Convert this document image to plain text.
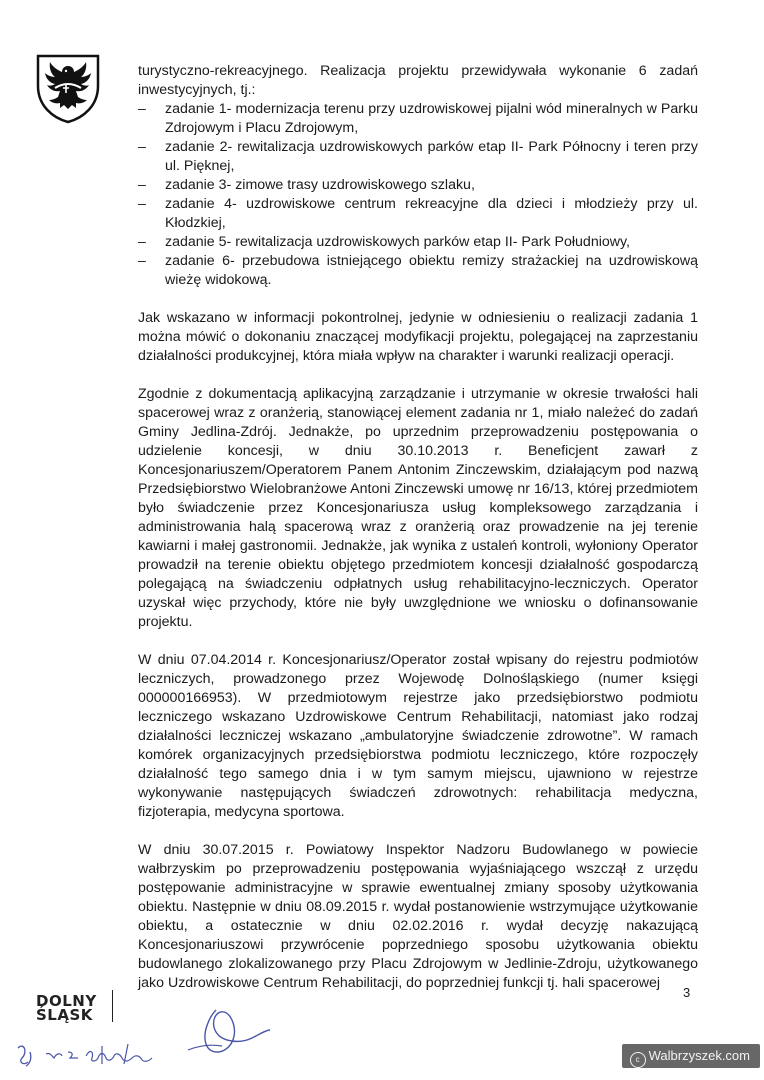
turystyczno-rekreacyjnego. Realizacja projektu przewidywała wykonanie 6 zadań inwestycyjnych, tj.:

– zadanie 1- modernizacja terenu przy uzdrowiskowej pijalni wód mineralnych w Parku Zdrojowym i Placu Zdrojowym,
– zadanie 2- rewitalizacja uzdrowiskowych parków etap II- Park Północny i teren przy ul. Pięknej,
– zadanie 3- zimowe trasy uzdrowiskowego szlaku,
– zadanie 4- uzdrowiskowe centrum rekreacyjne dla dzieci i młodzieży przy ul. Kłodzkiej,
– zadanie 5- rewitalizacja uzdrowiskowych parków etap II- Park Południowy,
– zadanie 6- przebudowa istniejącego obiektu remizy strażackiej na uzdrowiskową wieżę widokową.

Jak wskazano w informacji pokontrolnej, jedynie w odniesieniu o realizacji zadania 1 można mówić o dokonaniu znaczącej modyfikacji projektu, polegającej na zaprzestaniu działalności produkcyjnej, która miała wpływ na charakter i warunki realizacji operacji.

Zgodnie z dokumentacją aplikacyjną zarządzanie i utrzymanie w okresie trwałości hali spacerowej wraz z oranżerią, stanowiącej element zadania nr 1, miało należeć do zadań Gminy Jedlina-Zdrój. Jednakże, po uprzednim przeprowadzeniu postępowania o udzielenie koncesji, w dniu 30.10.2013 r. Beneficjent zawarł z Koncesjonariuszem/Operatorem Panem Antonim Zinczewskim, działającym pod nazwą Przedsiębiorstwo Wielobranżowe Antoni Zinczewski umowę nr 16/13, której przedmiotem było świadczenie przez Koncesjonariusza usług kompleksowego zarządzania i administrowania halą spacerową wraz z oranżerią oraz prowadzenie na jej terenie kawiarni i małej gastronomii. Jednakże, jak wynika z ustaleń kontroli, wyłoniony Operator prowadził na terenie obiektu objętego przedmiotem koncesji działalność gospodarczą polegającą na świadczeniu odpłatnych usług rehabilitacyjno-leczniczych. Operator uzyskał więc przychody, które nie były uwzględnione we wniosku o dofinansowanie projektu.

W dniu 07.04.2014 r. Koncesjonariusz/Operator został wpisany do rejestru podmiotów leczniczych, prowadzonego przez Wojewodę Dolnośląskiego (numer księgi 000000166953). W przedmiotowym rejestrze jako przedsiębiorstwo podmiotu leczniczego wskazano Uzdrowiskowe Centrum Rehabilitacji, natomiast jako rodzaj działalności leczniczej wskazano „ambulatoryjne świadczenie zdrowotne”. W ramach komórek organizacyjnych przedsiębiorstwa podmiotu leczniczego, które rozpoczęły działalność tego samego dnia i w tym samym miejscu, ujawniono w rejestrze wykonywanie następujących świadczeń zdrowotnych: rehabilitacja medyczna, fizjoterapia, medycyna sportowa.

W dniu 30.07.2015 r. Powiatowy Inspektor Nadzoru Budowlanego w powiecie wałbrzyskim po przeprowadzeniu postępowania wyjaśniającego wszczął z urzędu postępowanie administracyjne w sprawie ewentualnej zmiany sposoby użytkowania obiektu. Następnie w dniu 08.09.2015 r. wydał postanowienie wstrzymujące użytkowanie obiektu, a ostatecznie w dniu 02.02.2016 r. wydał decyzję nakazującą Koncesjonariuszowi przywrócenie poprzedniego sposobu użytkowania obiektu budowlanego zlokalizowanego przy Placu Zdrojowym w Jedlinie-Zdroju, użytkowanego jako Uzdrowiskowe Centrum Rehabilitacji, do poprzedniej funkcji tj. hali spacerowej

3
DOLNY
ŚLĄSK
c Walbrzyszek.com
